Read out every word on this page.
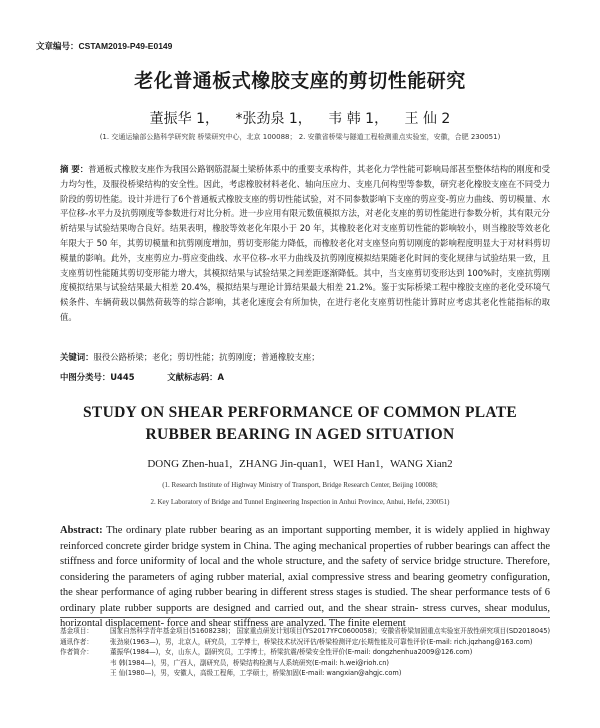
文章编号：CSTAM2019-P49-E0149
老化普通板式橡胶支座的剪切性能研究
董振华 1， *张劲泉 1， 韦 韩 1， 王 仙 2
(1. 交通运输部公路科学研究院 桥梁研究中心，北京 100088； 2. 安徽省桥梁与隧道工程检测重点实验室，安徽，合肥 230051)
摘 要：普通板式橡胶支座作为我国公路钢筋混凝土梁桥体系中的重要支承构件，其老化力学性能可影响局部甚至整体结构的刚度和受力均匀性，及服役桥梁结构的安全性。因此，考虑橡胶材料老化、轴向压应力、支座几何构型等参数，研究老化橡胶支座在不同受力阶段的剪切性能。设计并进行了6个普通板式橡胶支座的剪切性能试验，对不同参数影响下支座的剪应变-剪应力曲线、剪切模量、水平位移-水平力及抗剪刚度等参数进行对比分析。进一步应用有限元数值模拟方法，对老化支座的剪切性能进行参数分析，其有限元分析结果与试验结果吻合良好。结果表明，橡胶等效老化年限小于 20 年，其橡胶老化对支座剪切性能的影响较小，则当橡胶等效老化年限大于 50 年，其剪切模量和抗剪刚度增加，剪切变形能力降低，而橡胶老化对支座竖向剪切刚度的影响程度明显大于对材料剪切模量的影响。此外，支座剪应力-剪应变曲线、水平位移-水平力曲线及抗剪刚度模拟结果随老化时间的变化规律与试验结果一致，且支座剪切性能随其剪切变形能力增大，其模拟结果与试验结果之间差距逐渐降低。其中，当支座剪切变形达到 100%时，支座抗剪刚度模拟结果与试验结果最大相差 20.4%，模拟结果与理论计算结果最大相差 21.2%。鉴于实际桥梁工程中橡胶支座的老化受环境气候条件、车辆荷载以偶然荷载等的综合影响，其老化速度会有所加快，在进行老化支座剪切性能计算时应考虑其老化性能指标的取值。
关键词：服役公路桥梁；老化；剪切性能；抗剪刚度；普通橡胶支座；
中图分类号：U445	文献标志码：A
STUDY ON SHEAR PERFORMANCE OF COMMON PLATE RUBBER BEARING IN AGED SITUATION
DONG Zhen-hua1, ZHANG Jin-quan1, WEI Han1, WANG Xian2
(1. Research Institute of Highway Ministry of Transport, Bridge Research Center, Beijing 100088;
2. Key Laboratory of Bridge and Tunnel Engineering Inspection in Anhui Province, Anhui, Hefei, 230051)
Abstract: The ordinary plate rubber bearing as an important supporting member, it is widely applied in highway reinforced concrete girder bridge system in China. The aging mechanical properties of rubber bearings can affect the stiffness and force uniformity of local and the whole structure, and the safety of service bridge structure. Therefore, considering the parameters of aging rubber material, axial compressive stress and bearing geometry configuration, the shear performance of aging rubber bearing in different stress stages is studied. The shear performance tests of 6 ordinary plate rubber supports are designed and carried out, and the shear strain- stress curves, shear modulus, horizontal displacement- force and shear stiffness are analyzed. The finite element
基金项目：	国家自然科学青年基金项目(51608238)； 国家重点研发计划项目(YS2017YFC0600058)；安徽省桥梁加固重点实验室开放性研究项目(SD2018045)
通讯作者：	张劲泉(1963—)，男，北京人，研究员，工学博士，桥梁技术状况评估/桥梁检测评定/长期性能及可靠性评价(E-mail: rich.jqzhang@163.com)
作者简介：	董振华(1984—)，女，山东人，副研究员，工学博士，桥梁抗震/桥梁安全性评价(E-mail: dongzhenhua2009@126.com)
韦 韩(1984—)，男，广西人，副研究员，桥梁结构检测与人系统研究(E-mail: h.wei@rioh.cn)
王 仙(1980—)，男，安徽人，高级工程师，工学硕士，桥梁加固(E-mail: wangxian@ahgjc.com)
